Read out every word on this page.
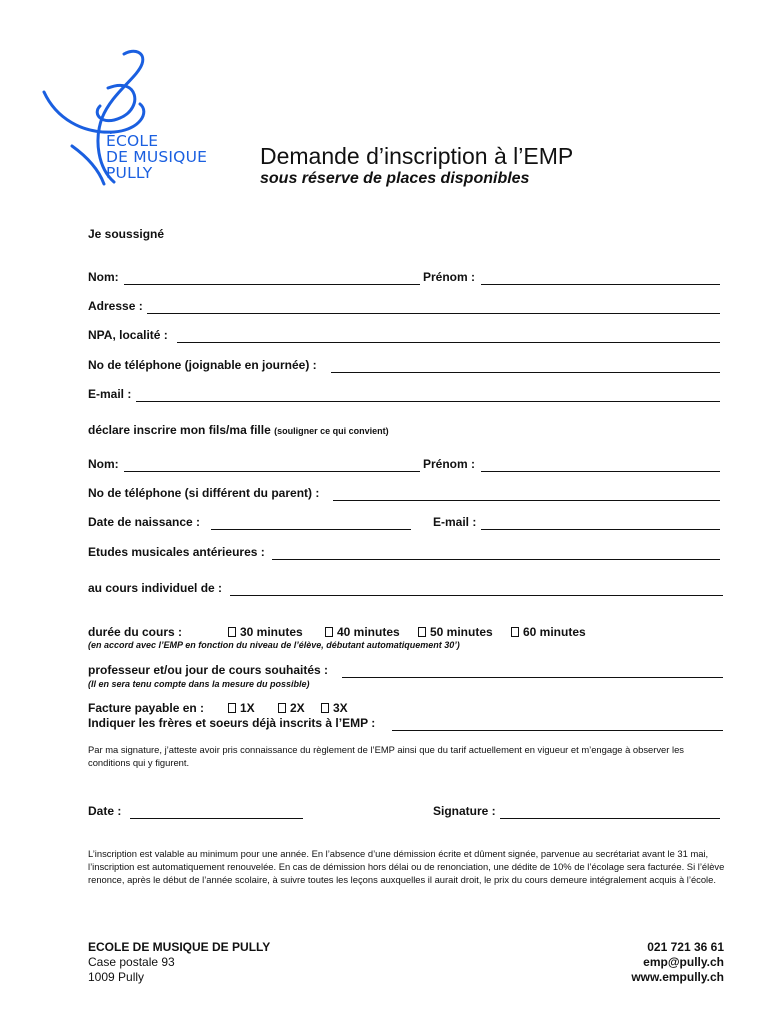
ÉCOLE
DE MUSIQUE
PULLY
Demande d’inscription à l’EMP
sous réserve de places disponibles
Je soussigné
Nom:	Prénom :
Adresse :
NPA, localité :
No de téléphone (joignable en journée) :
E-mail :
déclare inscrire mon fils/ma fille (souligner ce qui convient)
Nom:	Prénom :
No de téléphone (si différent du parent) :
Date de naissance :	E-mail :
Etudes musicales antérieures :
au cours individuel de :
durée du cours :	30 minutes	40 minutes	50 minutes	60 minutes
(en accord avec l’EMP en fonction du niveau de l’élève, débutant automatiquement 30’)
professeur et/ou jour de cours souhaités :
(Il en sera tenu compte dans la mesure du possible)
Facture payable en :	1X	2X	3X
Indiquer les frères et soeurs déjà inscrits à l’EMP :
Par ma signature, j’atteste avoir pris connaissance du règlement de l’EMP ainsi que du tarif actuellement en vigueur et m’engage à observer les conditions qui y figurent.
Date :	Signature :
L’inscription est valable au minimum pour une année. En l’absence d’une démission écrite et dûment signée, parvenue au secrétariat avant le 31 mai, l’inscription est automatiquement renouvelée. En cas de démission hors délai ou de renonciation, une dédite de 10% de l’écolage sera facturée. Si l’élève renonce, après le début de l’année scolaire, à suivre toutes les leçons auxquelles il aurait droit, le prix du cours demeure intégralement acquis à l’école.
ECOLE DE MUSIQUE DE PULLY
Case postale 93
1009 Pully
021 721 36 61
emp@pully.ch
www.empully.ch
